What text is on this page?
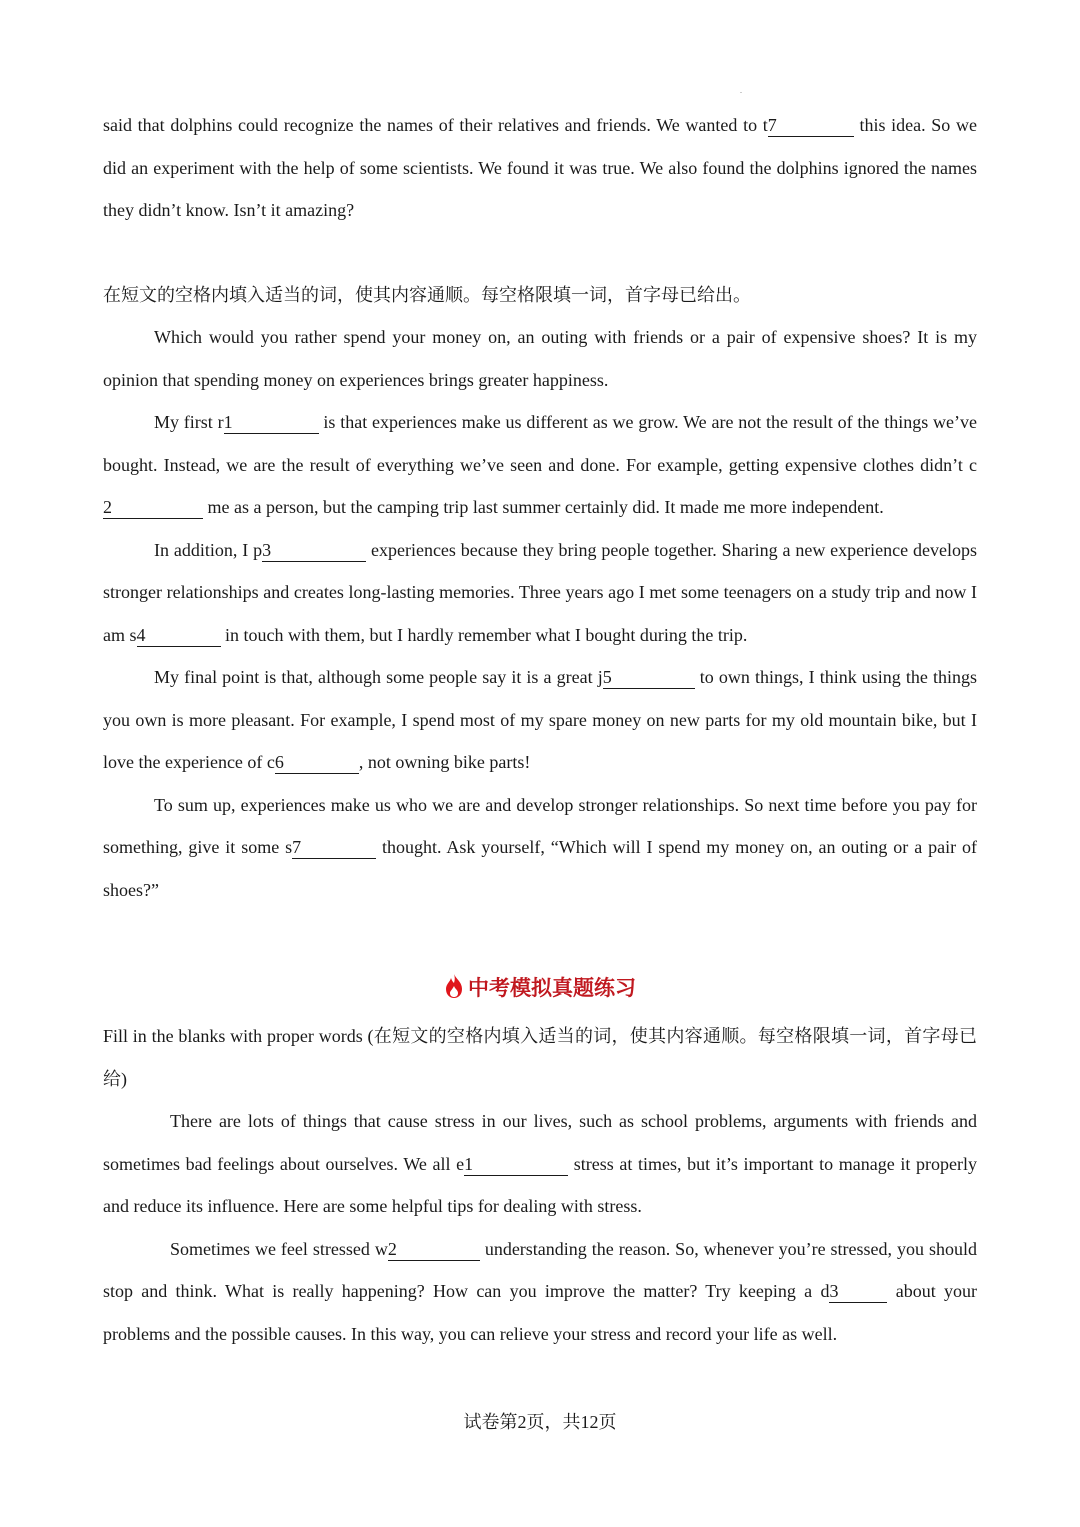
said that dolphins could recognize the names of their relatives and friends. We wanted to t7	this idea. So we did an experiment with the help of some scientists. We found it was true. We also found the dolphins ignored the names they didn’t know. Isn’t it amazing?

在短文的空格内填入适当的词，使其内容通顺。每空格限填一词，首字母已给出。

Which would you rather spend your money on, an outing with friends or a pair of expensive shoes? It is my opinion that spending money on experiences brings greater happiness.

My first r1	is that experiences make us different as we grow. We are not the result of the things we’ve bought. Instead, we are the result of everything we’ve seen and done. For example, getting expensive clothes didn’t c2	me as a person, but the camping trip last summer certainly did. It made me more independent.

In addition, I p3	experiences because they bring people together. Sharing a new experience develops stronger relationships and creates long-lasting memories. Three years ago I met some teenagers on a study trip and now I am s4	in touch with them, but I hardly remember what I bought during the trip.

My final point is that, although some people say it is a great j5	to own things, I think using the things you own is more pleasant. For example, I spend most of my spare money on new parts for my old mountain bike, but I love the experience of c6	, not owning bike parts!

To sum up, experiences make us who we are and develop stronger relationships. So next time before you pay for something, give it some s7	thought. Ask yourself, “Which will I spend my money on, an outing or a pair of shoes?”

中考模拟真题练习

Fill in the blanks with proper words (在短文的空格内填入适当的词，使其内容通顺。每空格限填一词，首字母已给)

There are lots of things that cause stress in our lives, such as school problems, arguments with friends and sometimes bad feelings about ourselves. We all e1	stress at times, but it’s important to manage it properly and reduce its influence. Here are some helpful tips for dealing with stress.

Sometimes we feel stressed w2	understanding the reason. So, whenever you’re stressed, you should stop and think. What is really happening? How can you improve the matter? Try keeping a d3	about your problems and the possible causes. In this way, you can relieve your stress and record your life as well.

试卷第2页，共12页
